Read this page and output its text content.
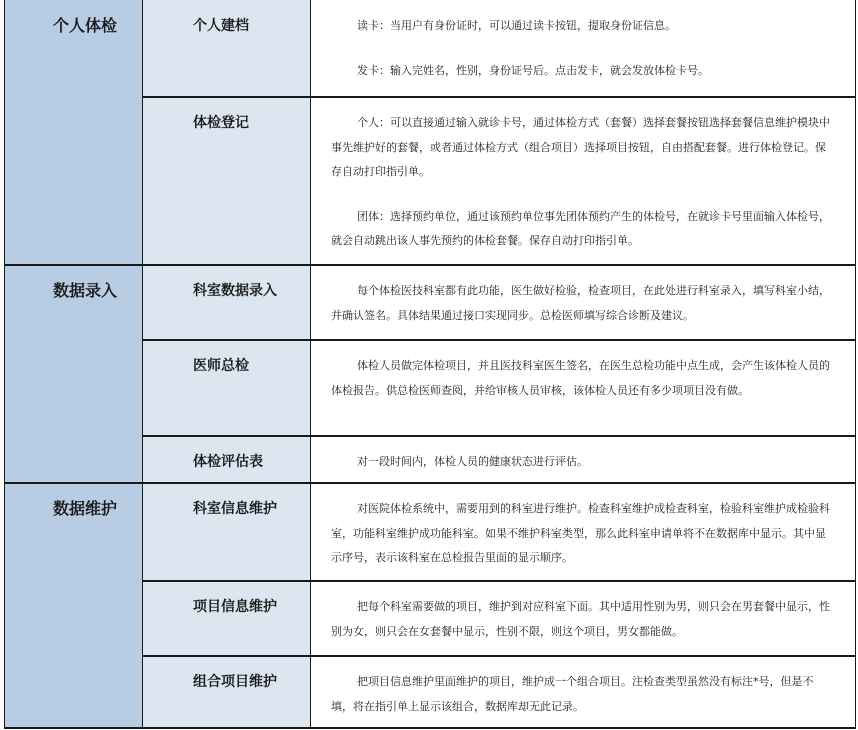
个人体检
数据录入
数据维护
个人建档
体检登记
科室数据录入
医师总检
体检评估表
科室信息维护
项目信息维护
组合项目维护

读卡：当用户有身份证时，可以通过读卡按钮，提取身份证信息。

发卡：输入完姓名，性别，身份证号后。点击发卡，就会发放体检卡号。

个人：可以直接通过输入就诊卡号，通过体检方式（套餐）选择套餐按钮选择套餐信息维护模块中事先维护好的套餐，或者通过体检方式（组合项目）选择项目按钮，自由搭配套餐。进行体检登记。保存自动打印指引单。

团体：选择预约单位，通过该预约单位事先团体预约产生的体检号，在就诊卡号里面输入体检号，就会自动跳出该人事先预约的体检套餐。保存自动打印指引单。

每个体检医技科室都有此功能，医生做好检验，检查项目，在此处进行科室录入，填写科室小结，并确认签名。具体结果通过接口实现同步。总检医师填写综合诊断及建议。

体检人员做完体检项目，并且医技科室医生签名，在医生总检功能中点生成，会产生该体检人员的体检报告。供总检医师查阅，并给审核人员审核，该体检人员还有多少项项目没有做。

对一段时间内，体检人员的健康状态进行评估。

对医院体检系统中，需要用到的科室进行维护。检查科室维护成检查科室，检验科室维护成检验科室，功能科室维护成功能科室。如果不维护科室类型，那么此科室申请单将不在数据库中显示。其中显示序号，表示该科室在总检报告里面的显示顺序。

把每个科室需要做的项目，维护到对应科室下面。其中适用性别为男，则只会在男套餐中显示，性别为女，则只会在女套餐中显示，性别不限，则这个项目，男女都能做。

把项目信息维护里面维护的项目，维护成一个组合项目。注检查类型虽然没有标注*号，但是不填，将在指引单上显示该组合，数据库却无此记录。
